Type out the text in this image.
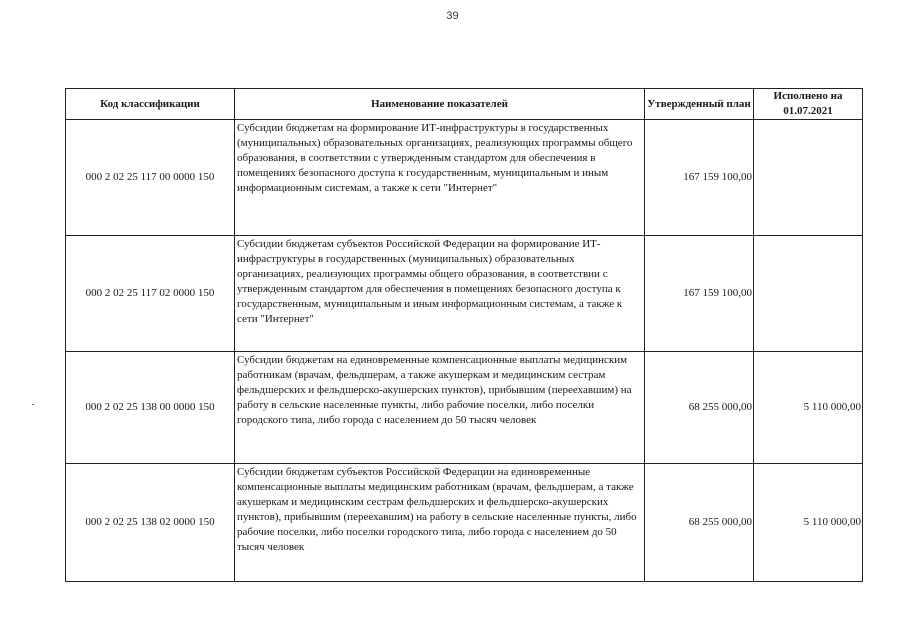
39
Код классификации	Наименование показателей	Утвержденный план	Исполнено на 01.07.2021
000 2 02 25 117 00 0000 150	Субсидии бюджетам на формирование ИТ-инфраструктуры в государственных (муниципальных) образовательных организациях, реализующих программы общего образования, в соответствии с утвержденным стандартом для обеспечения в помещениях безопасного доступа к государственным, муниципальным и иным информационным системам, а также к сети "Интернет"	167 159 100,00	
000 2 02 25 117 02 0000 150	Субсидии бюджетам субъектов Российской Федерации на формирование ИТ-инфраструктуры в государственных (муниципальных) образовательных организациях, реализующих программы общего образования, в соответствии с утвержденным стандартом для обеспечения в помещениях безопасного доступа к государственным, муниципальным и иным информационным системам, а также к сети "Интернет"	167 159 100,00	
000 2 02 25 138 00 0000 150	Субсидии бюджетам на единовременные компенсационные выплаты медицинским работникам (врачам, фельдшерам, а также акушеркам и медицинским сестрам фельдшерских и фельдшерско-акушерских пунктов), прибывшим (переехавшим) на работу в сельские населенные пункты, либо рабочие поселки, либо поселки городского типа, либо города с населением до 50 тысяч человек	68 255 000,00	5 110 000,00
000 2 02 25 138 02 0000 150	Субсидии бюджетам субъектов Российской Федерации на единовременные компенсационные выплаты медицинским работникам (врачам, фельдшерам, а также акушеркам и медицинским сестрам фельдшерских и фельдшерско-акушерских пунктов), прибывшим (переехавшим) на работу в сельские населенные пункты, либо рабочие поселки, либо поселки городского типа, либо города с населением до 50 тысяч человек	68 255 000,00	5 110 000,00
